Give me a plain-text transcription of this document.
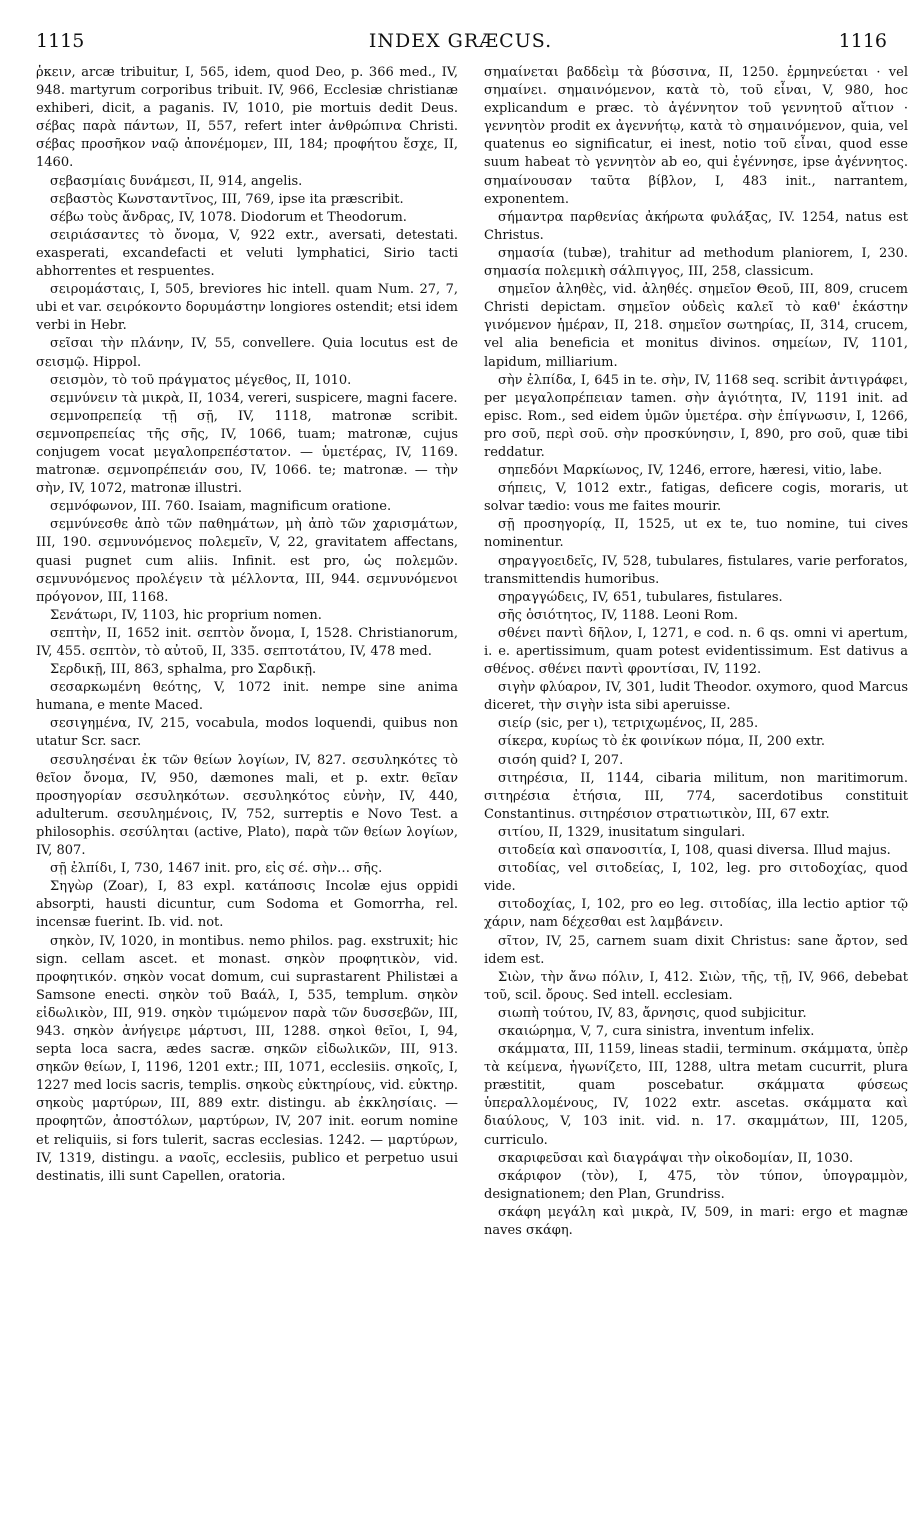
1115	INDEX GRÆCUS.	1116

ῥκειν, arcæ tribuitur, I, 565, idem, quod Deo, p. 366 med., IV, 948. martyrum corporibus tribuit. IV, 966, Ecclesiæ christianæ exhiberi, dicit, a paganis. IV, 1010, pie mortuis dedit Deus. σέβας παρὰ πάντων, II, 557, refert inter ἀνθρώπινα Christi. σέβας προσῆκον ναῷ ἀπονέμομεν, III, 184; προφήτου ἔσχε, II, 1460.

σεβασμίαις δυνάμεσι, II, 914, angelis.

σεβαστὸς Κωνσταντῖνος, III, 769, ipse ita præscribit.

σέβω τοὺς ἄνδρας, IV, 1078. Diodorum et Theodorum.

σειριάσαντες τὸ ὄνομα, V, 922 extr., aversati, detestati. exasperati, excandefacti et veluti lymphatici, Sirio tacti abhorrentes et respuentes.

σειρομάσταις, I, 505, breviores hic intell. quam Num. 27, 7, ubi et var. σειρόκοντο δορυμάστην longiores ostendit; etsi idem verbi in Hebr.

σεῖσαι τὴν πλάνην, IV, 55, convellere. Quia locutus est de σεισμῷ. Hippol.

σεισμὸν, τὸ τοῦ πράγματος μέγεθος, II, 1010.

σεμνύνειν τὰ μικρὰ, II, 1034, vereri, suspicere, magni facere.

σεμνοπρεπείᾳ τῇ σῇ, IV, 1118, matronæ scribit. σεμνοπρεπείας τῆς σῆς, IV, 1066, tuam; matronæ, cujus conjugem vocat μεγαλοπρεπέστατον. — ὑμετέρας, IV, 1169. matronæ. σεμνοπρέπειάν σου, IV, 1066. te; matronæ. — τὴν σὴν, IV, 1072, matronæ illustri.

σεμνόφωνον, III. 760. Isaiam, magnificum oratione.

σεμνύνεσθε ἀπὸ τῶν παθημάτων, μὴ ἀπὸ τῶν χαρισμάτων, III, 190. σεμνυνόμενος πολεμεῖν, V, 22, gravitatem affectans, quasi pugnet cum aliis. Infinit. est pro, ὡς πολεμῶν. σεμνυνόμενος προλέγειν τὰ μέλλοντα, III, 944. σεμνυνόμενοι πρόγονον, III, 1168.

Σενάτωρι, IV, 1103, hic proprium nomen.

σεπτὴν, II, 1652 init. σεπτὸν ὄνομα, I, 1528. Christianorum, IV, 455. σεπτὸν, τὸ αὐτοῦ, II, 335. σεπτοτάτου, IV, 478 med.

Σερδικῇ, III, 863, sphalma, pro Σαρδικῇ.

σεσαρκωμένη θεότης, V, 1072 init. nempe sine anima humana, e mente Maced.

σεσιγημένα, IV, 215, vocabula, modos loquendi, quibus non utatur Scr. sacr.

σεσυλησέναι ἐκ τῶν θείων λογίων, IV, 827. σεσυληκότες τὸ θεῖον ὄνομα, IV, 950, dæmones mali, et p. extr. θεῖαν προσηγορίαν σεσυληκότων. σεσυληκότος εὐνὴν, IV, 440, adulterum. σεσυλημένοις, IV, 752, surreptis e Novo Test. a philosophis. σεσύληται (active, Plato), παρὰ τῶν θείων λογίων, IV, 807.

σῇ ἐλπίδι, I, 730, 1467 init. pro, εἰς σέ. σὴν… σῆς.

Σηγὼρ (Zoar), I, 83 expl. κατάποσις Incolæ ejus oppidi absorpti, hausti dicuntur, cum Sodoma et Gomorrha, rel. incensæ fuerint. Ib. vid. not.

σηκὸν, IV, 1020, in montibus. nemo philos. pag. exstruxit; hic sign. cellam ascet. et monast. σηκὸν προφητικὸν, vid. προφητικόν. σηκὸν vocat domum, cui suprastarent Philistæi a Samsone enecti. σηκὸν τοῦ Βαάλ, I, 535, templum. σηκὸν εἰδωλικὸν, III, 919. σηκὸν τιμώμενον παρὰ τῶν δυσσεβῶν, III, 943. σηκὸν ἀνήγειρε μάρτυσι, III, 1288. σηκοὶ θεῖοι, I, 94, septa loca sacra, ædes sacræ. σηκῶν εἰδωλικῶν, III, 913. σηκῶν θείων, I, 1196, 1201 extr.; III, 1071, ecclesiis. σηκοῖς, I, 1227 med locis sacris, templis. σηκοὺς εὐκτηρίους, vid. εὐκτηρ. σηκοὺς μαρτύρων, III, 889 extr. distingu. ab ἐκκλησίαις. — προφητῶν, ἀποστόλων, μαρτύρων, IV, 207 init. eorum nomine et reliquiis, si fors tulerit, sacras ecclesias. 1242. — μαρτύρων, IV, 1319, distingu. a ναοῖς, ecclesiis, publico et perpetuo usui destinatis, illi sunt Capellen, oratoria.

σημαίνεται βαδδεὶμ τὰ βύσσινα, II, 1250. ἑρμηνεύεται · vel σημαίνει. σημαινόμενον, κατὰ τὸ, τοῦ εἶναι, V, 980, hoc explicandum e præc. τὸ ἀγέννητον τοῦ γεννητοῦ αἴτιον · γεννητὸν prodit ex ἀγεννήτῳ, κατὰ τὸ σημαινόμενον, quia, vel quatenus eo significatur, ei inest, notio τοῦ εἶναι, quod esse suum habeat τὸ γεννητὸν ab eo, qui ἐγέννησε, ipse ἀγέννητος. σημαίνουσαν ταῦτα βίβλον, I, 483 init., narrantem, exponentem.

σήμαντρα παρθενίας ἀκήρωτα φυλάξας, IV. 1254, natus est Christus.

σημασία (tubæ), trahitur ad methodum planiorem, I, 230. σημασία πολεμικὴ σάλπιγγος, III, 258, classicum.

σημεῖον ἀληθὲς, vid. ἀληθές. σημεῖον Θεοῦ, III, 809, crucem Christi depictam. σημεῖον οὐδεὶς καλεῖ τὸ καθ' ἑκάστην γινόμενον ἡμέραν, II, 218. σημεῖον σωτηρίας, II, 314, crucem, vel alia beneficia et monitus divinos. σημείων, IV, 1101, lapidum, milliarium.

σὴν ἐλπίδα, I, 645 in te. σὴν, IV, 1168 seq. scribit ἀντιγράφει, per μεγαλοπρέπειαν tamen. σὴν ἁγιότητα, IV, 1191 init. ad episc. Rom., sed eidem ὑμῶν ὑμετέρα. σὴν ἐπίγνωσιν, I, 1266, pro σοῦ, περὶ σοῦ. σὴν προσκύνησιν, I, 890, pro σοῦ, quæ tibi reddatur.

σηπεδόνι Μαρκίωνος, IV, 1246, errore, hæresi, vitio, labe.

σήπεις, V, 1012 extr., fatigas, deficere cogis, moraris, ut solvar tædio: vous me faites mourir.

σῇ προσηγορίᾳ, II, 1525, ut ex te, tuo nomine, tui cives nominentur.

σηραγγοειδεῖς, IV, 528, tubulares, fistulares, varie perforatos, transmittendis humoribus.

σηραγγώδεις, IV, 651, tubulares, fistulares.

σῆς ὁσιότητος, IV, 1188. Leoni Rom.

σθένει παντὶ δῆλον, I, 1271, e cod. n. 6 qs. omni vi apertum, i. e. apertissimum, quam potest evidentissimum. Est dativus a σθένος. σθένει παντὶ φροντίσαι, IV, 1192.

σιγὴν φλύαρον, IV, 301, ludit Theodor. oxymoro, quod Marcus diceret, τὴν σιγὴν ista sibi aperuisse.

σιείρ (sic, per ι), τετριχωμένος, II, 285.

σίκερα, κυρίως τὸ ἐκ φοινίκων πόμα, II, 200 extr.

σισόη quid? I, 207.

σιτηρέσια, II, 1144, cibaria militum, non maritimorum. σιτηρέσια ἐτήσια, III, 774, sacerdotibus constituit Constantinus. σιτηρέσιον στρατιωτικὸν, III, 67 extr.

σιτίου, II, 1329, inusitatum singulari.

σιτοδεία καὶ σπανοσιτία, I, 108, quasi diversa. Illud majus.

σιτοδίας, vel σιτοδείας, I, 102, leg. pro σιτοδοχίας, quod vide.

σιτοδοχίας, I, 102, pro eo leg. σιτοδίας, illa lectio aptior τῷ χάριν, nam δέχεσθαι est λαμβάνειν.

σῖτον, IV, 25, carnem suam dixit Christus: sane ἄρτον, sed idem est.

Σιὼν, τὴν ἄνω πόλιν, I, 412. Σιὼν, τῆς, τῇ, IV, 966, debebat τοῦ, scil. ὄρους. Sed intell. ecclesiam.

σιωπὴ τούτου, IV, 83, ἄρνησις, quod subjicitur.

σκαιώρημα, V, 7, cura sinistra, inventum infelix.

σκάμματα, III, 1159, lineas stadii, terminum. σκάμματα, ὑπὲρ τὰ κείμενα, ἠγωνίζετο, III, 1288, ultra metam cucurrit, plura præstitit, quam poscebatur. σκάμματα φύσεως ὑπεραλλομένους, IV, 1022 extr. ascetas. σκάμματα καὶ διαύλους, V, 103 init. vid. n. 17. σκαμμάτων, III, 1205, curriculo.

σκαριφεῦσαι καὶ διαγράψαι τὴν οἰκοδομίαν, II, 1030.

σκάριφον (τὸν), I, 475, τὸν τύπον, ὑπογραμμὸν, designationem; den Plan, Grundriss.

σκάφη μεγάλη καὶ μικρὰ, IV, 509, in mari: ergo et magnæ naves σκάφη.
